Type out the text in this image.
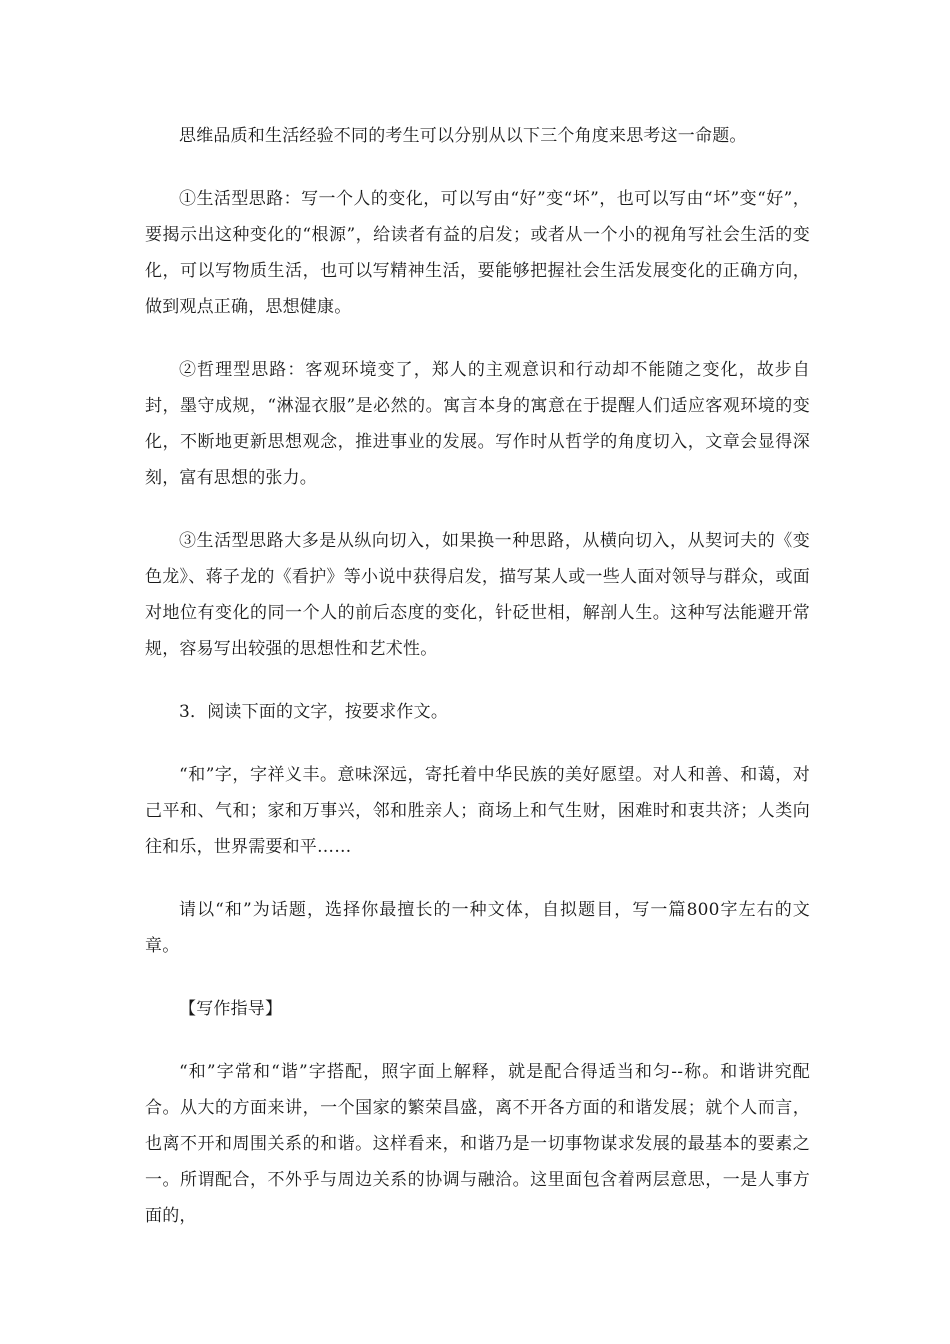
思维品质和生活经验不同的考生可以分别从以下三个角度来思考这一命题。

①生活型思路：写一个人的变化，可以写由“好”变“坏”，也可以写由“坏”变“好”，要揭示出这种变化的“根源”，给读者有益的启发；或者从一个小的视角写社会生活的变化，可以写物质生活，也可以写精神生活，要能够把握社会生活发展变化的正确方向，做到观点正确，思想健康。

②哲理型思路：客观环境变了，郑人的主观意识和行动却不能随之变化，故步自封，墨守成规，“淋湿衣服”是必然的。寓言本身的寓意在于提醒人们适应客观环境的变化，不断地更新思想观念，推进事业的发展。写作时从哲学的角度切入，文章会显得深刻，富有思想的张力。

③生活型思路大多是从纵向切入，如果换一种思路，从横向切入，从契诃夫的《变色龙》、蒋子龙的《看护》等小说中获得启发，描写某人或一些人面对领导与群众，或面对地位有变化的同一个人的前后态度的变化，针砭世相，解剖人生。这种写法能避开常规，容易写出较强的思想性和艺术性。

3．阅读下面的文字，按要求作文。

“和”字，字祥义丰。意味深远，寄托着中华民族的美好愿望。对人和善、和蔼，对己平和、气和；家和万事兴，邻和胜亲人；商场上和气生财，困难时和衷共济；人类向往和乐，世界需要和平……

请以“和”为话题，选择你最擅长的一种文体，自拟题目，写一篇800字左右的文章。

【写作指导】

“和”字常和“谐”字搭配，照字面上解释，就是配合得适当和匀--称。和谐讲究配合。从大的方面来讲，一个国家的繁荣昌盛，离不开各方面的和谐发展；就个人而言，也离不开和周围关系的和谐。这样看来，和谐乃是一切事物谋求发展的最基本的要素之一。所谓配合，不外乎与周边关系的协调与融洽。这里面包含着两层意思，一是人事方面的，
